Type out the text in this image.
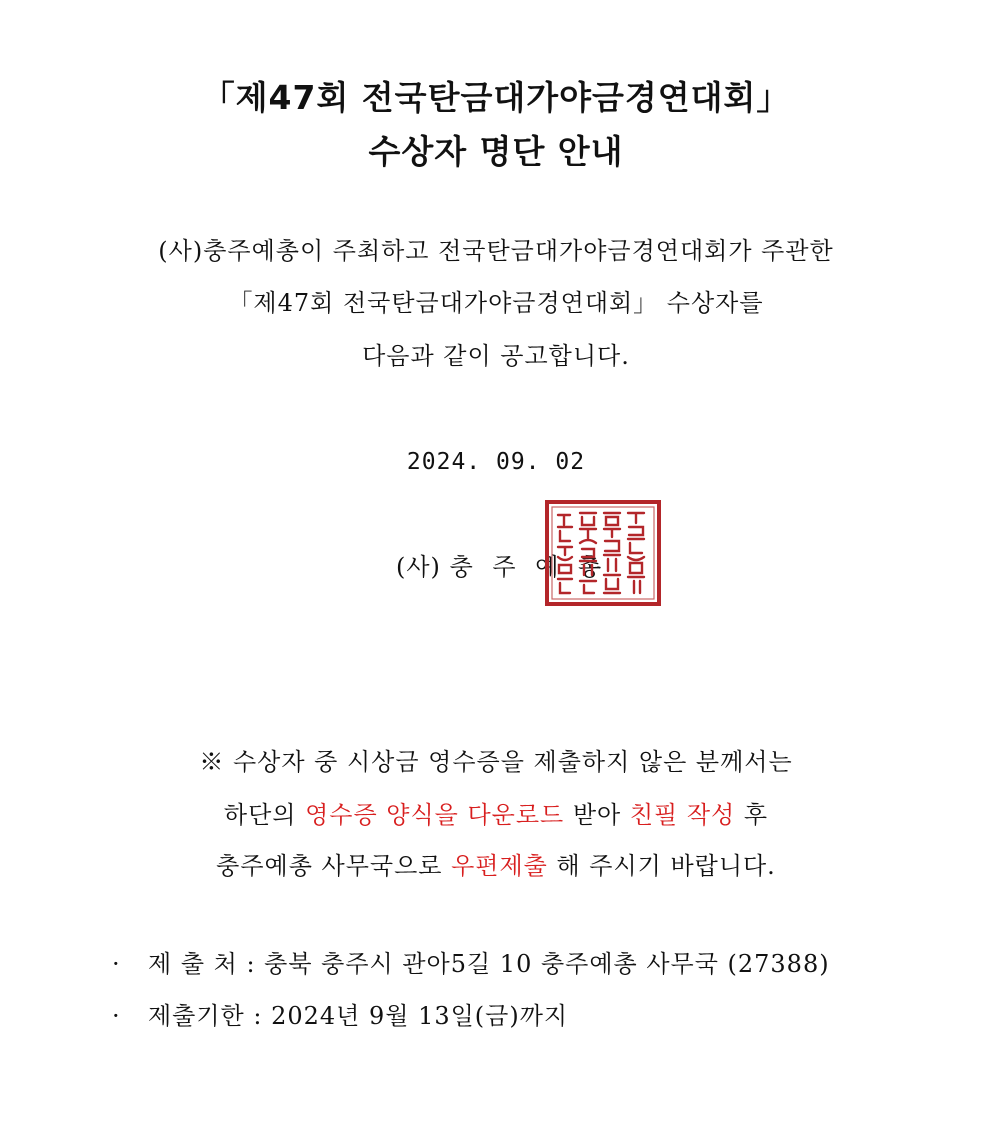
「제47회 전국탄금대가야금경연대회」
수상자 명단 안내
(사)충주예총이 주최하고 전국탄금대가야금경연대회가 주관한
「제47회 전국탄금대가야금경연대회」 수상자를
다음과 같이 공고합니다.
2024. 09. 02
(사) 충 주 예 총
※ 수상자 중 시상금 영수증을 제출하지 않은 분께서는
하단의 영수증 양식을 다운로드 받아 친필 작성 후
충주예총 사무국으로 우편제출 해 주시기 바랍니다.
· 제 출 처 : 충북 충주시 관아5길 10 충주예총 사무국 (27388)
· 제출기한 : 2024년 9월 13일(금)까지
